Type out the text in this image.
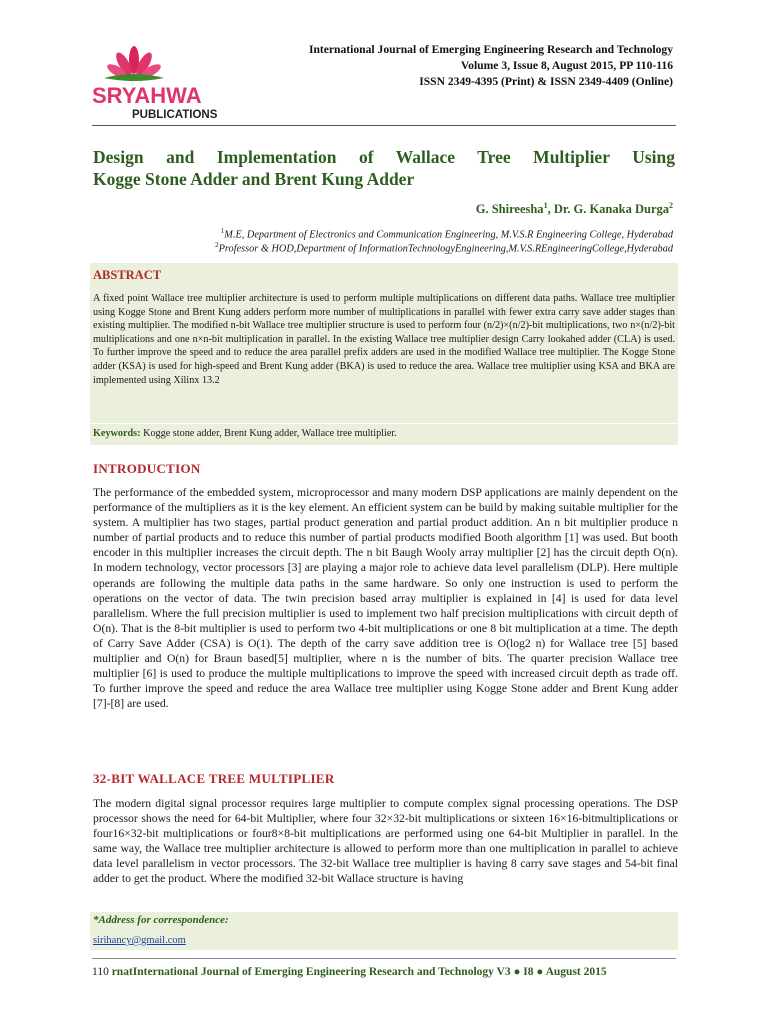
SRYAHWA
PUBLICATIONS
International Journal of Emerging Engineering Research and Technology
Volume 3, Issue 8, August 2015, PP 110-116
ISSN 2349-4395 (Print) & ISSN 2349-4409 (Online)
Design and Implementation of Wallace Tree Multiplier Using
Kogge Stone Adder and Brent Kung Adder
G. Shireesha$^1$, Dr. G. Kanaka Durga$^2$
$^1$M.E, Department of Electronics and Communication Engineering, M.V.S.R Engineering College, Hyderabad
$^2$Professor & HOD,Department of InformationTechnologyEngineering,M.V.S.REngineeringCollege,Hyderabad
ABSTRACT
A fixed point Wallace tree multiplier architecture is used to perform multiple multiplications on different data paths. Wallace tree multiplier using Kogge Stone and Brent Kung adders perform more number of multiplications in parallel with fewer extra carry save adder stages than existing multiplier. The modified n-bit Wallace tree multiplier structure is used to perform four (n/2)×(n/2)-bit multiplications, two n×(n/2)-bit multiplications and one n×n-bit multiplication in parallel. In the existing Wallace tree multiplier design Carry lookahed adder (CLA) is used. To further improve the speed and to reduce the area parallel prefix adders are used in the modified Wallace tree multiplier. The Kogge Stone adder (KSA) is used for high-speed and Brent Kung adder (BKA) is used to reduce the area. Wallace tree multiplier using KSA and BKA are implemented using Xilinx 13.2
Keywords: Kogge stone adder, Brent Kung adder, Wallace tree multiplier.
INTRODUCTION
The performance of the embedded system, microprocessor and many modern DSP applications are mainly dependent on the performance of the multipliers as it is the key element. An efficient system can be build by making suitable multiplier for the system. A multiplier has two stages, partial product generation and partial product addition. An n bit multiplier produce n number of partial products and to reduce this number of partial products modified Booth algorithm [1] was used. But booth encoder in this multiplier increases the circuit depth. The n bit Baugh Wooly array multiplier [2] has the circuit depth O(n). In modern technology, vector processors [3] are playing a major role to achieve data level parallelism (DLP). Here multiple operands are following the multiple data paths in the same hardware. So only one instruction is used to perform the operations on the vector of data. The twin precision based array multiplier is explained in [4] is used for data level parallelism. Where the full precision multiplier is used to implement two half precision multiplications with circuit depth of O(n). That is the 8-bit multiplier is used to perform two 4-bit multiplications or one 8 bit multiplication at a time. The depth of Carry Save Adder (CSA) is O(1). The depth of the carry save addition tree is O(log2 n) for Wallace tree [5] based multiplier and O(n) for Braun based[5] multiplier, where n is the number of bits. The quarter precision Wallace tree multiplier [6] is used to produce the multiple multiplications to improve the speed with increased circuit depth as trade off. To further improve the speed and reduce the area Wallace tree multiplier using Kogge Stone adder and Brent Kung adder [7]-[8] are used.
32-BIT WALLACE TREE MULTIPLIER
The modern digital signal processor requires large multiplier to compute complex signal processing operations. The DSP processor shows the need for 64-bit Multiplier, where four 32×32-bit multiplications or sixteen 16×16-bitmultiplications or four16×32-bit multiplications or four8×8-bit multiplications are performed using one 64-bit Multiplier in parallel. In the same way, the Wallace tree multiplier architecture is allowed to perform more than one multiplication in parallel to achieve data level parallelism in vector processors. The 32-bit Wallace tree multiplier is having 8 carry save stages and 54-bit final adder to get the product. Where the modified 32-bit Wallace structure is having
*Address for correspondence:
sirihancy@gmail.com
110 rnatInternational Journal of Emerging Engineering Research and Technology V3 ● I8 ● August 2015
